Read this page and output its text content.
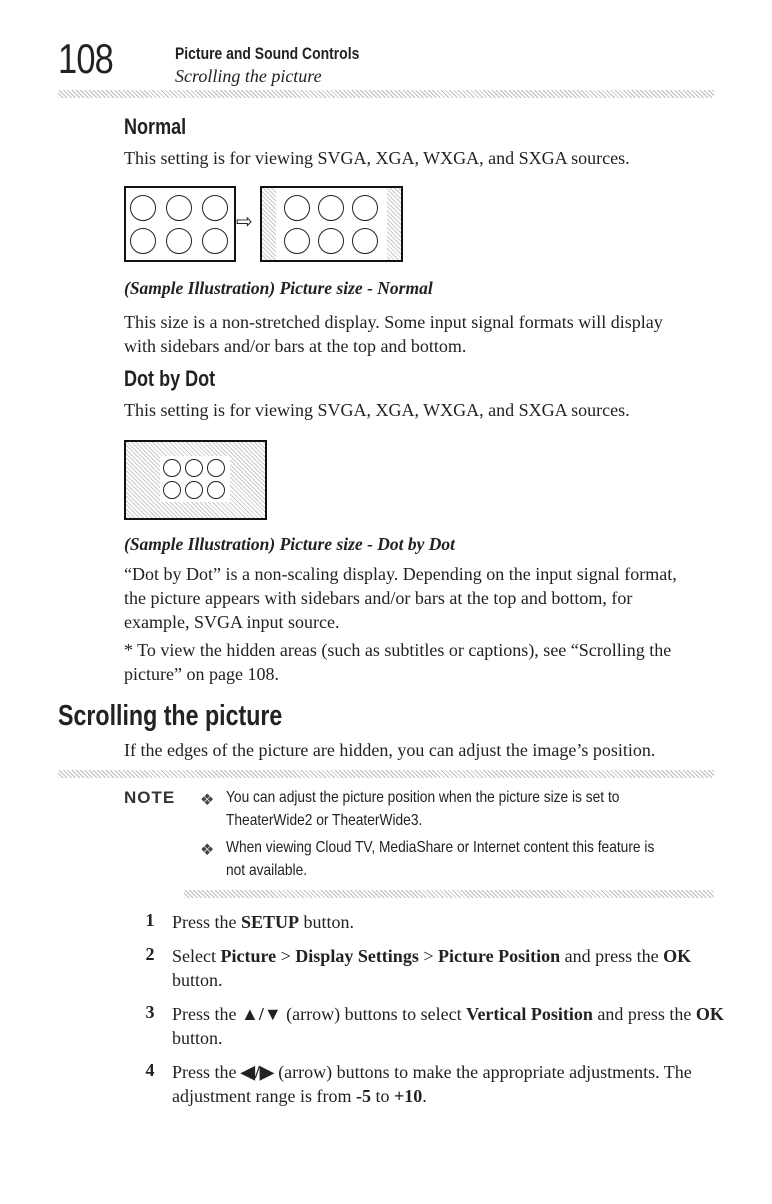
108	Picture and Sound Controls
Scrolling the picture
Normal

This setting is for viewing SVGA, XGA, WXGA, and SXGA sources.

⇨

(Sample Illustration) Picture size - Normal

This size is a non-stretched display. Some input signal formats will display with sidebars and/or bars at the top and bottom.

Dot by Dot

This setting is for viewing SVGA, XGA, WXGA, and SXGA sources.

(Sample Illustration) Picture size - Dot by Dot

“Dot by Dot” is a non-scaling display. Depending on the input signal format, the picture appears with sidebars and/or bars at the top and bottom, for example, SVGA input source.

* To view the hidden areas (such as subtitles or captions), see “Scrolling the picture” on page 108.

Scrolling the picture

If the edges of the picture are hidden, you can adjust the image’s position.

NOTE ❖ You can adjust the picture position when the picture size is set to TheaterWide2 or TheaterWide3.
❖ When viewing Cloud TV, MediaShare or Internet content this feature is not available.
1 Press the SETUP button.

2 Select Picture > Display Settings > Picture Position and press the OK button.

3 Press the ▲/▼ (arrow) buttons to select Vertical Position and press the OK button.

4 Press the ◀/▶ (arrow) buttons to make the appropriate adjustments. The adjustment range is from -5 to +10.
